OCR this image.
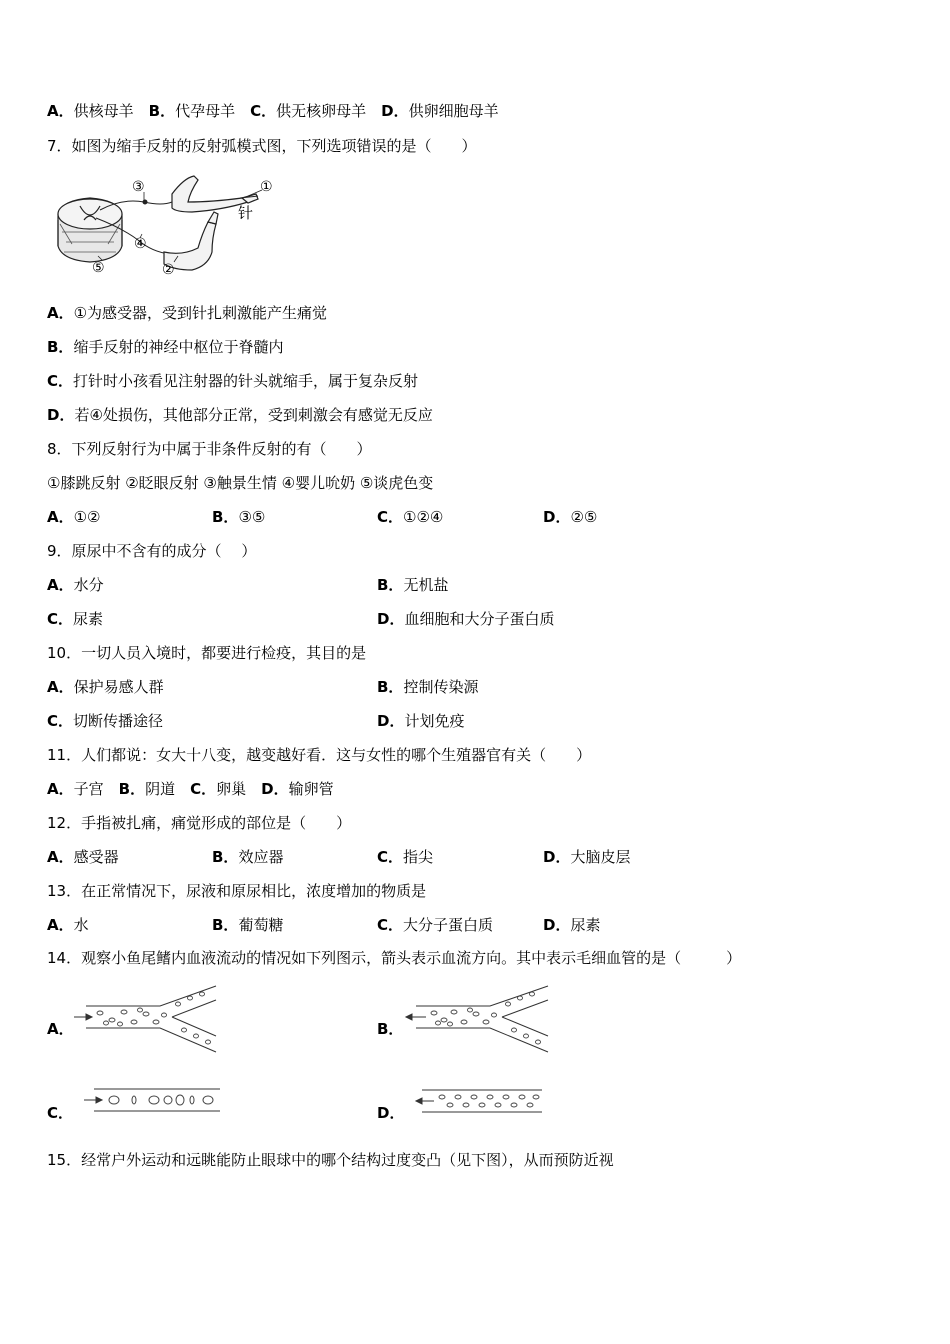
A．供核母羊　 B．代孕母羊　 C．供无核卵母羊　 D．供卵细胞母羊
7．如图为缩手反射的反射弧模式图，下列选项错误的是（　　）
③	①
针
④
⑤	②
A．①为感受器，受到针扎刺激能产生痛觉
B．缩手反射的神经中枢位于脊髓内
C．打针时小孩看见注射器的针头就缩手，属于复杂反射
D．若④处损伤，其他部分正常，受到刺激会有感觉无反应
8．下列反射行为中属于非条件反射的有（　　）
①膝跳反射 ②眨眼反射 ③触景生情 ④婴儿吮奶 ⑤谈虎色变
A．①②	B．③⑤	C．①②④	D．②⑤
9．原尿中不含有的成分（　 ）
A．水分	B．无机盐
C．尿素	D．血细胞和大分子蛋白质
10．一切人员入境时，都要进行检疫，其目的是
A．保护易感人群	B．控制传染源
C．切断传播途径	D．计划免疫
11．人们都说：女大十八变，越变越好看．这与女性的哪个生殖器官有关（　　）
A．子宫　 B．阴道　 C．卵巢　 D．输卵管
12．手指被扎痛，痛觉形成的部位是（　　）
A．感受器	B．效应器	C．指尖	D．大脑皮层
13．在正常情况下，尿液和原尿相比，浓度增加的物质是
A．水	B．葡萄糖	C．大分子蛋白质	D．尿素
14．观察小鱼尾鳍内血液流动的情况如下列图示，箭头表示血流方向。其中表示毛细血管的是（　　　）
A．	B．
C．	D．
15．经常户外运动和远眺能防止眼球中的哪个结构过度变凸（见下图），从而预防近视
